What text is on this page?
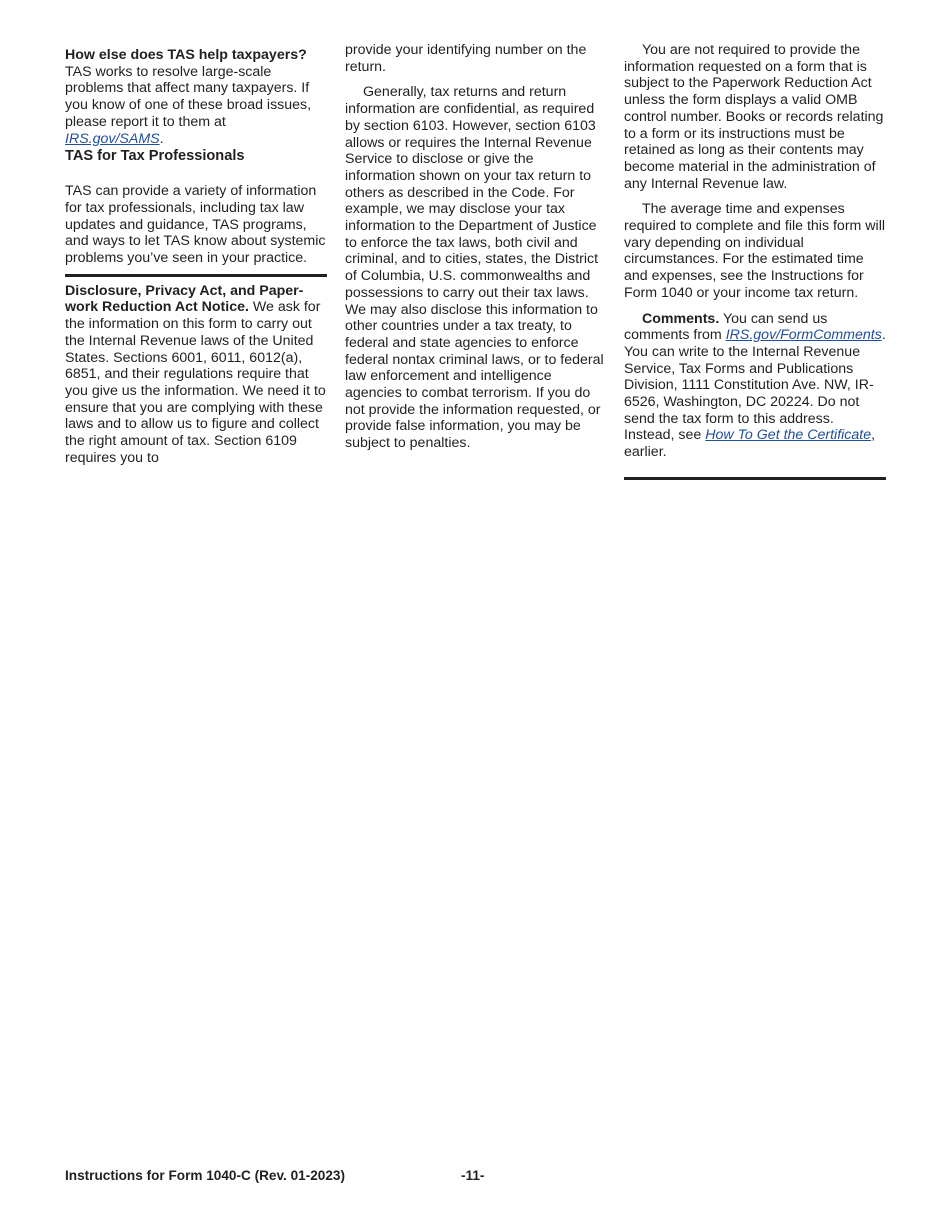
How else does TAS help taxpayers?
TAS works to resolve large-scale problems that affect many taxpayers. If you know of one of these broad issues, please report it to them at IRS.gov/SAMS.

TAS for Tax Professionals

TAS can provide a variety of information for tax professionals, including tax law updates and guidance, TAS programs, and ways to let TAS know about systemic problems you’ve seen in your practice.

Disclosure, Privacy Act, and Paperwork Reduction Act Notice. We ask for the information on this form to carry out the Internal Revenue laws of the United States. Sections 6001, 6011, 6012(a), 6851, and their regulations require that you give us the information. We need it to ensure that you are complying with these laws and to allow us to figure and collect the right amount of tax. Section 6109 requires you to

provide your identifying number on the return.

Generally, tax returns and return information are confidential, as required by section 6103. However, section 6103 allows or requires the Internal Revenue Service to disclose or give the information shown on your tax return to others as described in the Code. For example, we may disclose your tax information to the Department of Justice to enforce the tax laws, both civil and criminal, and to cities, states, the District of Columbia, U.S. commonwealths and possessions to carry out their tax laws. We may also disclose this information to other countries under a tax treaty, to federal and state agencies to enforce federal nontax criminal laws, or to federal law enforcement and intelligence agencies to combat terrorism. If you do not provide the information requested, or provide false information, you may be subject to penalties.

You are not required to provide the information requested on a form that is subject to the Paperwork Reduction Act unless the form displays a valid OMB control number. Books or records relating to a form or its instructions must be retained as long as their contents may become material in the administration of any Internal Revenue law.

The average time and expenses required to complete and file this form will vary depending on individual circumstances. For the estimated time and expenses, see the Instructions for Form 1040 or your income tax return.

Comments. You can send us comments from IRS.gov/FormComments. You can write to the Internal Revenue Service, Tax Forms and Publications Division, 1111 Constitution Ave. NW, IR-6526, Washington, DC 20224. Do not send the tax form to this address. Instead, see How To Get the Certificate, earlier.

Instructions for Form 1040-C (Rev. 01-2023)	-11-
